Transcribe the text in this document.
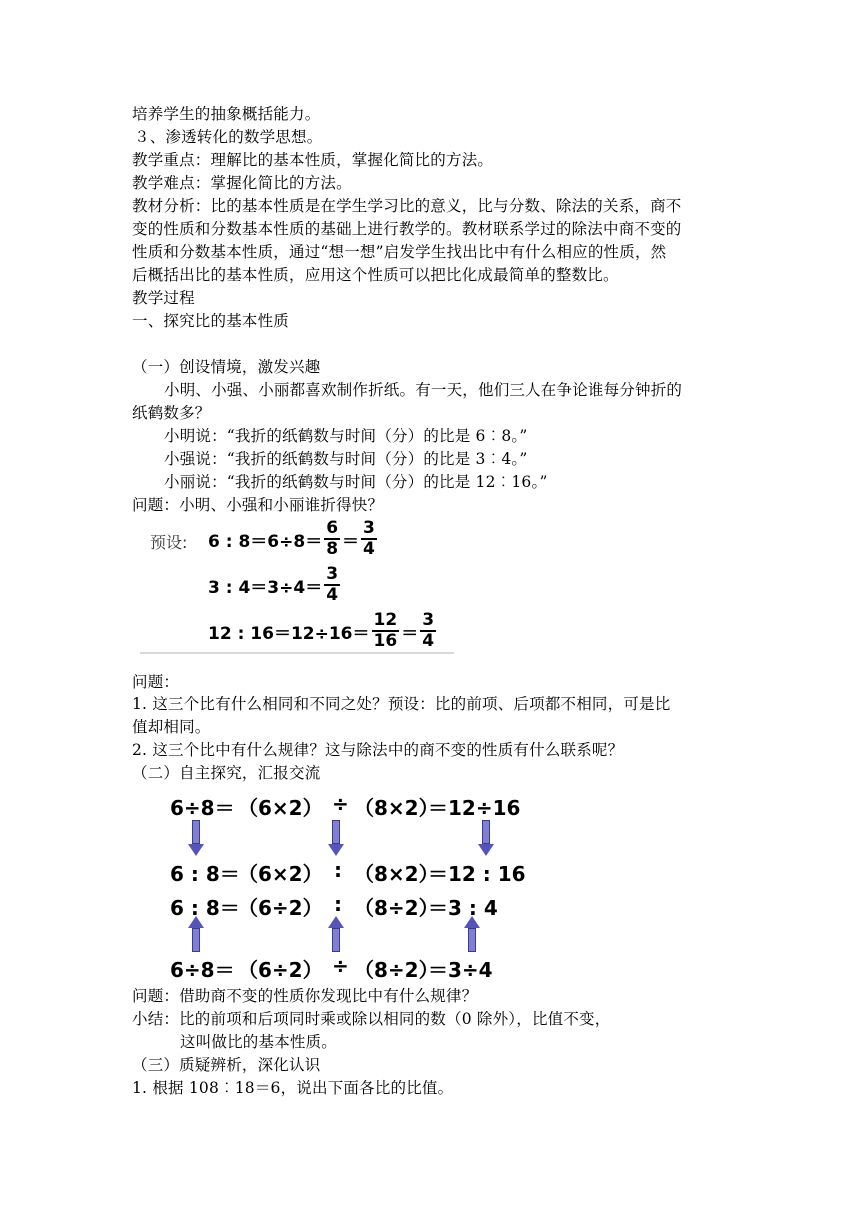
培养学生的抽象概括能力。
３、渗透转化的数学思想。
教学重点：理解比的基本性质，掌握化简比的方法。
教学难点：掌握化简比的方法。
教材分析：比的基本性质是在学生学习比的意义，比与分数、除法的关系，商不
变的性质和分数基本性质的基础上进行教学的。教材联系学过的除法中商不变的
性质和分数基本性质，通过“想一想”启发学生找出比中有什么相应的性质，然
后概括出比的基本性质，应用这个性质可以把比化成最简单的整数比。
教学过程
一、探究比的基本性质
（一）创设情境，激发兴趣
小明、小强、小丽都喜欢制作折纸。有一天，他们三人在争论谁每分钟折的
纸鹤数多？
小明说：“我折的纸鹤数与时间（分）的比是 6︰8。”
小强说：“我折的纸鹤数与时间（分）的比是 3︰4。”
小丽说：“我折的纸鹤数与时间（分）的比是 12︰16。”
问题：小明、小强和小丽谁折得快？
预设: 6 : $8=6\div 8= \frac{6}{8} = \frac{3}{4}$
3 : $4=3\div 4= \frac{3}{4}$
12 : $16=12\div 16= \frac{12}{16} = \frac{3}{4}$
问题：
1. 这三个比有什么相同和不同之处？预设：比的前项、后项都不相同，可是比
值却相同。
2. 这三个比中有什么规律？这与除法中的商不变的性质有什么联系呢？
（二）自主探究，汇报交流
6÷8＝ （6×2） ÷ （8×2）
＝12÷16
6 : 8＝
（6×2） : （8×2）
＝12 : 16
6 : 8＝
（6÷2） : （8÷2）
＝3 : 4
6÷8＝ （6÷2） ÷ （8÷2）
＝3÷4
问题：借助商不变的性质你发现比中有什么规律？
小结：比的前项和后项同时乘或除以相同的数（0 除外），比值不变，
这叫做比的基本性质。
（三）质疑辨析，深化认识
1. 根据 108︰18＝6，说出下面各比的比值。
